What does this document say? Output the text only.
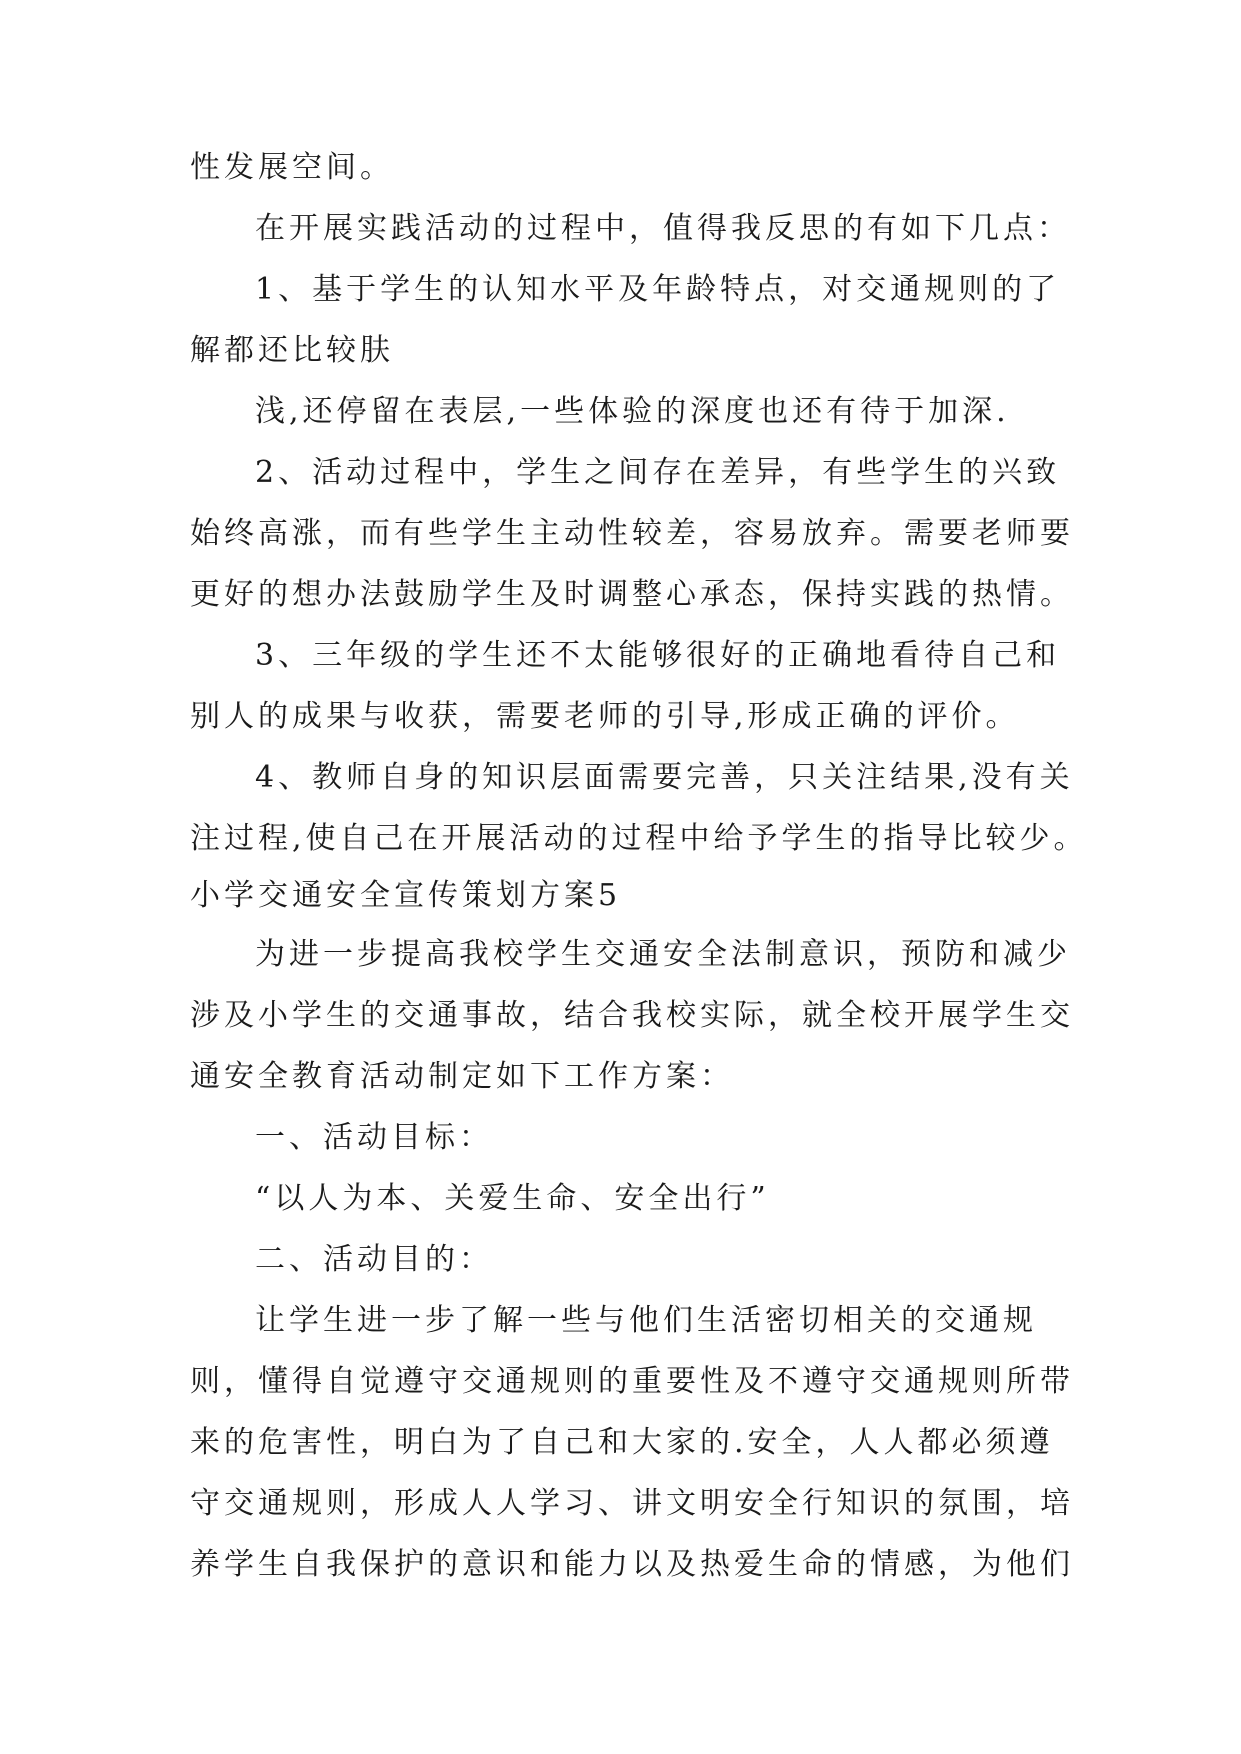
性发展空间。
在开展实践活动的过程中，值得我反思的有如下几点：
1、基于学生的认知水平及年龄特点，对交通规则的了
解都还比较肤
浅,还停留在表层,一些体验的深度也还有待于加深.
2、活动过程中，学生之间存在差异，有些学生的兴致
始终高涨，而有些学生主动性较差，容易放弃。需要老师要
更好的想办法鼓励学生及时调整心承态，保持实践的热情。
3、三年级的学生还不太能够很好的正确地看待自己和
别人的成果与收获，需要老师的引导,形成正确的评价。
4、教师自身的知识层面需要完善，只关注结果,没有关
注过程,使自己在开展活动的过程中给予学生的指导比较少。
小学交通安全宣传策划方案5
为进一步提高我校学生交通安全法制意识，预防和减少
涉及小学生的交通事故，结合我校实际，就全校开展学生交
通安全教育活动制定如下工作方案：
一、活动目标：
“以人为本、关爱生命、安全出行”
二、活动目的：
让学生进一步了解一些与他们生活密切相关的交通规
则，懂得自觉遵守交通规则的重要性及不遵守交通规则所带
来的危害性，明白为了自己和大家的.安全，人人都必须遵
守交通规则，形成人人学习、讲文明安全行知识的氛围，培
养学生自我保护的意识和能力以及热爱生命的情感，为他们
